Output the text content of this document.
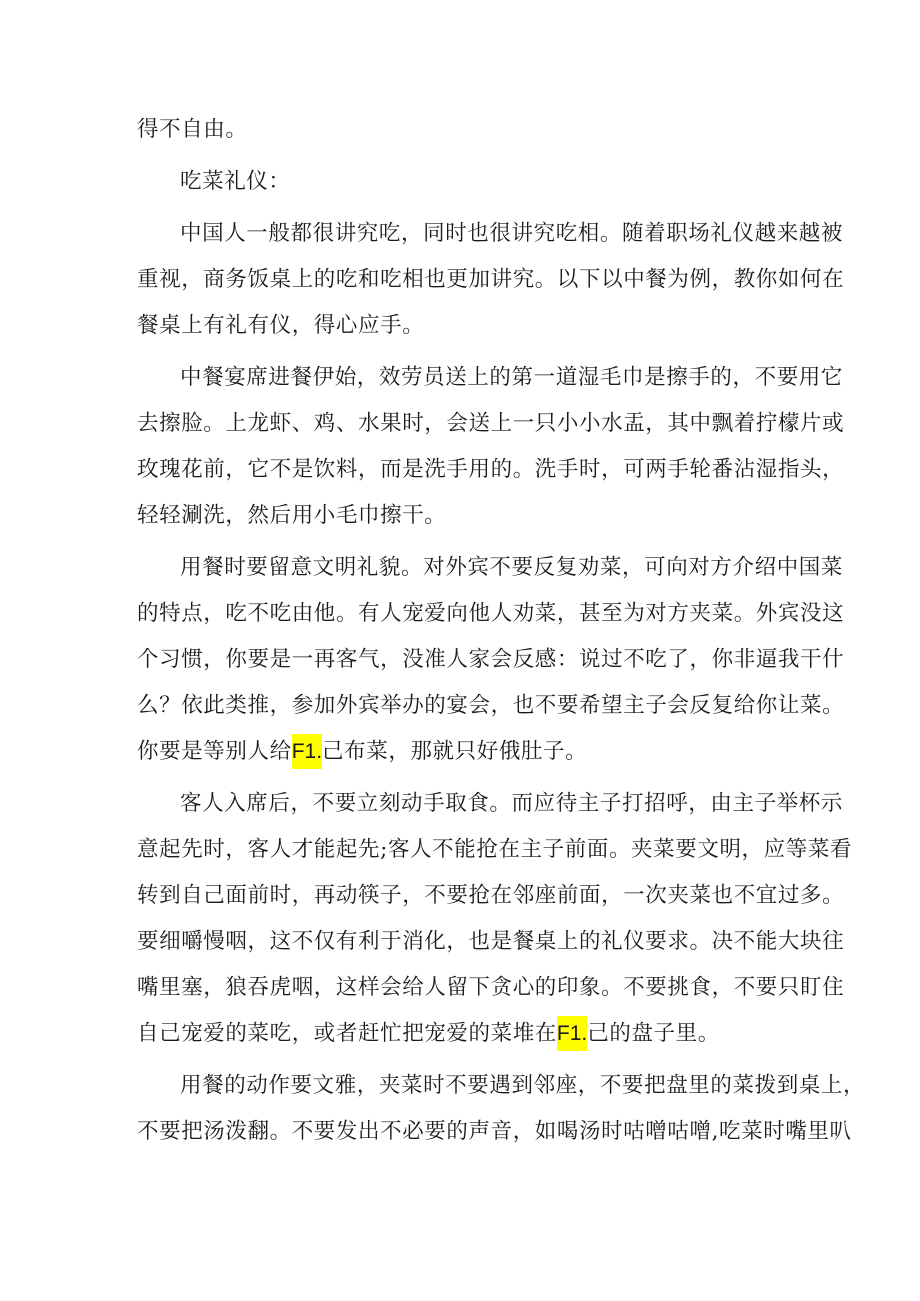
得不自由。
吃菜礼仪：
中国人一般都很讲究吃，同时也很讲究吃相。随着职场礼仪越来越被
重视，商务饭桌上的吃和吃相也更加讲究。以下以中餐为例，教你如何在
餐桌上有礼有仪，得心应手。
中餐宴席进餐伊始，效劳员送上的第一道湿毛巾是擦手的，不要用它
去擦脸。上龙虾、鸡、水果时，会送上一只小小水盂，其中飘着拧檬片或
玫瑰花前，它不是饮料，而是洗手用的。洗手时，可两手轮番沾湿指头，
轻轻涮洗，然后用小毛巾擦干。
用餐时要留意文明礼貌。对外宾不要反复劝菜，可向对方介绍中国菜
的特点，吃不吃由他。有人宠爱向他人劝菜，甚至为对方夹菜。外宾没这
个习惯，你要是一再客气，没准人家会反感：说过不吃了，你非逼我干什
么？依此类推，参加外宾举办的宴会，也不要希望主子会反复给你让菜。
你要是等别人给F1.己布菜，那就只好俄肚子。
客人入席后，不要立刻动手取食。而应待主子打招呼，由主子举杯示
意起先时，客人才能起先;客人不能抢在主子前面。夹菜要文明，应等菜看
转到自己面前时，再动筷子，不要抢在邻座前面，一次夹菜也不宜过多。
要细嚼慢咽，这不仅有利于消化，也是餐桌上的礼仪要求。决不能大块往
嘴里塞，狼吞虎咽，这样会给人留下贪心的印象。不要挑食，不要只盯住
自己宠爱的菜吃，或者赶忙把宠爱的菜堆在F1.己的盘子里。
用餐的动作要文雅，夹菜时不要遇到邻座，不要把盘里的菜拨到桌上，
不要把汤泼翻。不要发出不必要的声音，如喝汤时咕噌咕噌,吃菜时嘴里叭
